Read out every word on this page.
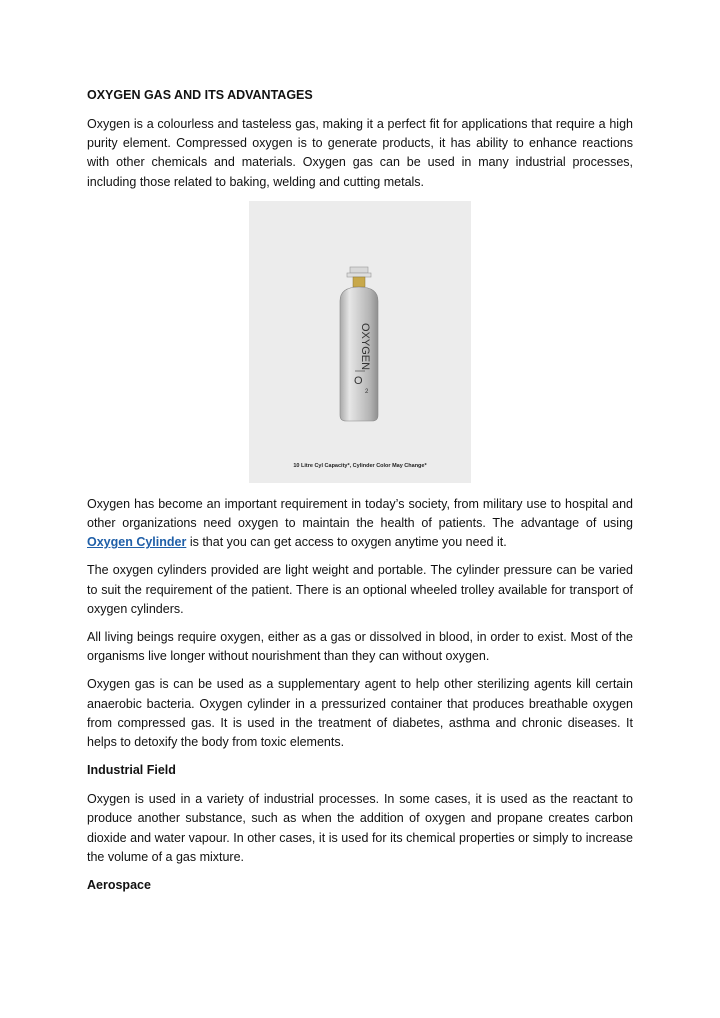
OXYGEN GAS AND ITS ADVANTAGES

Oxygen is a colourless and tasteless gas, making it a perfect fit for applications that require a high purity element. Compressed oxygen is to generate products, it has ability to enhance reactions with other chemicals and materials. Oxygen gas can be used in many industrial processes, including those related to baking, welding and cutting metals.

OXYGEN
O
2
10 Litre Cyl Capacity*, Cylinder Color May Change*

Oxygen has become an important requirement in today’s society, from military use to hospital and other organizations need oxygen to maintain the health of patients. The advantage of using Oxygen Cylinder is that you can get access to oxygen anytime you need it.

The oxygen cylinders provided are light weight and portable. The cylinder pressure can be varied to suit the requirement of the patient. There is an optional wheeled trolley available for transport of oxygen cylinders.

All living beings require oxygen, either as a gas or dissolved in blood, in order to exist. Most of the organisms live longer without nourishment than they can without oxygen.

Oxygen gas is can be used as a supplementary agent to help other sterilizing agents kill certain anaerobic bacteria. Oxygen cylinder in a pressurized container that produces breathable oxygen from compressed gas. It is used in the treatment of diabetes, asthma and chronic diseases. It helps to detoxify the body from toxic elements.

Industrial Field

Oxygen is used in a variety of industrial processes. In some cases, it is used as the reactant to produce another substance, such as when the addition of oxygen and propane creates carbon dioxide and water vapour. In other cases, it is used for its chemical properties or simply to increase the volume of a gas mixture.

Aerospace
